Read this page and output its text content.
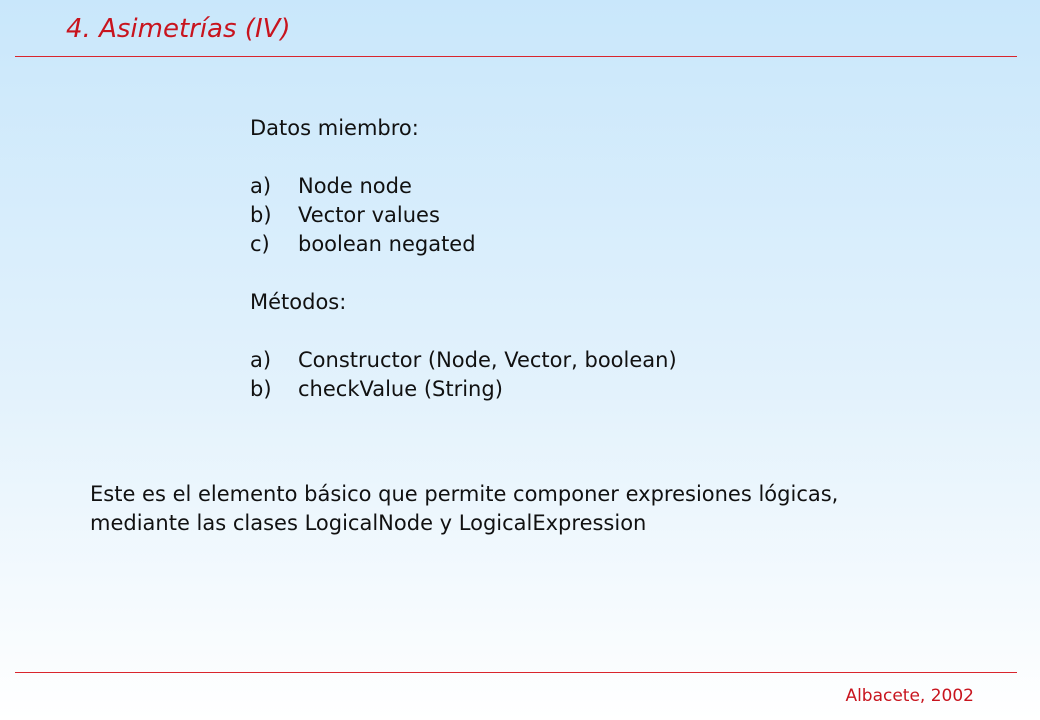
4. Asimetrías (IV)

Datos miembro:

a) Node node
b) Vector values
c) boolean negated

Métodos:

a) Constructor (Node, Vector, boolean)
b) checkValue (String)

Este es el elemento básico que permite componer expresiones lógicas,
mediante las clases LogicalNode y LogicalExpression

Albacete, 2002
